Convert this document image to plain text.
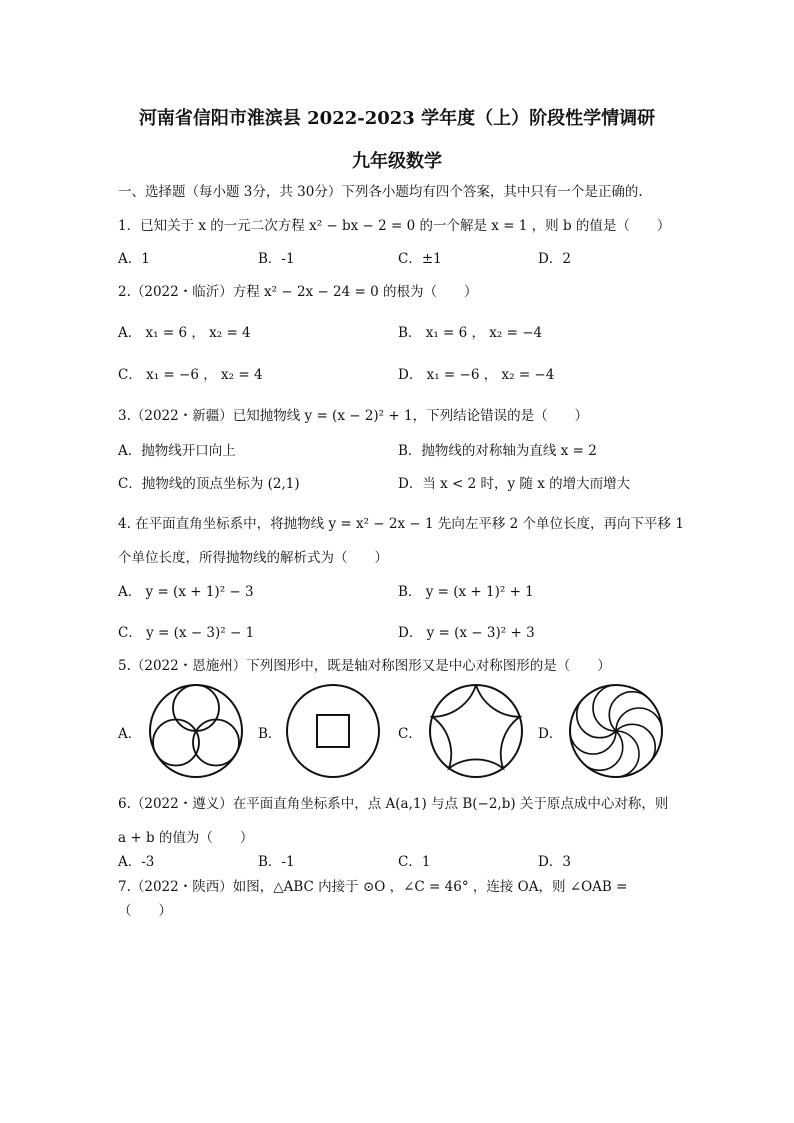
河南省信阳市淮滨县 2022-2023 学年度（上）阶段性学情调研
九年级数学
一、选择题（每小题 3分，共 30分）下列各小题均有四个答案，其中只有一个是正确的.
1．已知关于 x 的一元二次方程 x² − bx − 2 = 0 的一个解是 x = 1 ，则 b 的值是（　　）
A．1	B．-1	C．±1	D．2
2.（2022・临沂）方程 x² − 2x − 24 = 0 的根为（　　）
A． x₁ = 6 ， x₂ = 4	B． x₁ = 6 ， x₂ = −4
C． x₁ = −6 ， x₂ = 4	D． x₁ = −6 ， x₂ = −4
3.（2022・新疆）已知抛物线 y = (x − 2)² + 1，下列结论错误的是（　　）
A．抛物线开口向上	B．抛物线的对称轴为直线 x = 2
C．抛物线的顶点坐标为 (2,1)	D．当 x < 2 时，y 随 x 的增大而增大
4. 在平面直角坐标系中，将抛物线 y = x² − 2x − 1 先向左平移 2 个单位长度，再向下平移 1
个单位长度，所得抛物线的解析式为（　　）
A． y = (x + 1)² − 3	B． y = (x + 1)² + 1
C． y = (x − 3)² − 1	D． y = (x − 3)² + 3
5.（2022・恩施州）下列图形中，既是轴对称图形又是中心对称图形的是（　　）
A．	B．	C．	D．
6.（2022・遵义）在平面直角坐标系中，点 A(a,1) 与点 B(−2,b) 关于原点成中心对称，则
a + b 的值为（　　）
A．-3	B．-1	C．1	D．3
7.（2022・陕西）如图，△ABC 内接于 ⊙O ，∠C = 46° ，连接 OA，则 ∠OAB =
（　　）
